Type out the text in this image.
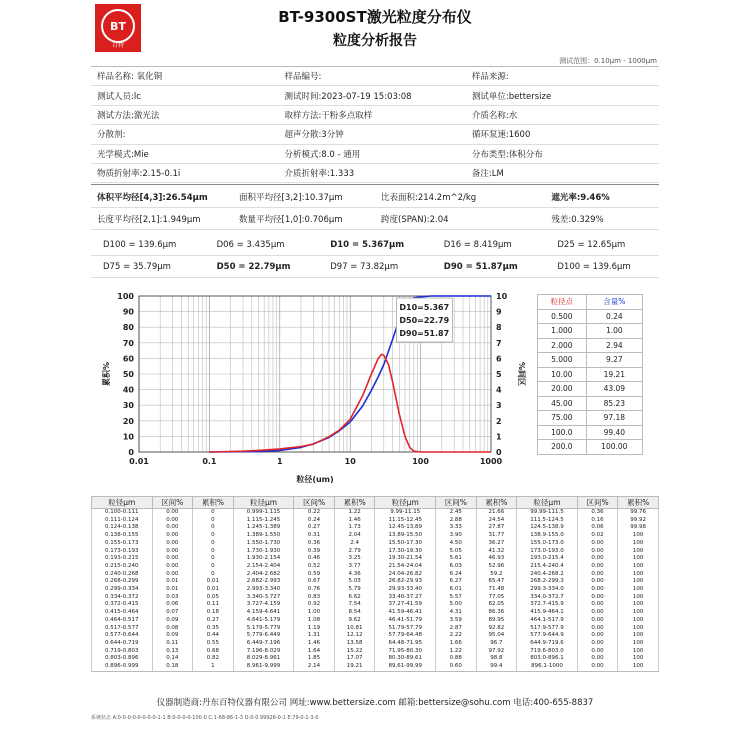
BT
百特
BT-9300ST激光粒度分布仪
粒度分析报告
测试范围：0.10μm - 1000μm
样品名称: 氧化铜	样品编号:	样品来源:
测试人员:lc	测试时间:2023-07-19 15:03:08	测试单位:bettersize
测试方法:激光法	取样方法:干粉多点取样	介质名称:水
分散剂:	超声分散:3分钟	循环泵速:1600
光学模式:Mie	分析模式:8.0 - 通用	分布类型:体积分布
物质折射率:2.15-0.1i	介质折射率:1.333	备注:LM
体积平均径[4,3]:26.54μm	面积平均径[3,2]:10.37μm	比表面积:214.2m^2/kg	遮光率:9.46%
长度平均径[2,1]:1.949μm	数量平均径[1,0]:0.706μm	跨度(SPAN):2.04	残差:0.329%
D100 = 139.6μm	D06 = 3.435μm	D10 = 5.367μm	D16 = 8.419μm	D25 = 12.65μm
D75 = 35.79μm	D50 = 22.79μm	D97 = 73.82μm	D90 = 51.87μm	D100 = 139.6μm
0
10
20
30
40
50
60
70
80
90
100
0
1
2
3
4
5
6
7
8
9
10
0.01	0.1	1	10	100	1000
粒径(um)
累积%	%间区
D10=5.367
D50=22.79
D90=51.87
粒径点	含量%
0.500	0.24
1.000	1.00
2.000	2.94
5.000	9.27
10.00	19.21
20.00	43.09
45.00	85.23
75.00	97.18
100.0	99.40
200.0	100.00
粒径μm	区间%	累积%	粒径μm	区间%	累积%	粒径μm	区间%	累积%	粒径μm	区间%	累积%
0.100-0.111	0.00	0	0.999-1.115	0.22	1.22	9.99-11.15	2.45	21.66	99.99-111.5	0.36	99.76
0.111-0.124	0.00	0	1.115-1.245	0.24	1.46	11.15-12.45	2.88	24.54	111.5-124.5	0.16	99.92
0.124-0.138	0.00	0	1.245-1.389	0.27	1.73	12.45-13.89	3.33	27.87	124.5-138.9	0.06	99.98
0.138-0.155	0.00	0	1.389-1.550	0.31	2.04	13.89-15.50	3.90	31.77	138.9-155.0	0.02	100
0.155-0.173	0.00	0	1.550-1.730	0.36	2.4	15.50-17.30	4.50	36.27	155.0-173.0	0.00	100
0.173-0.193	0.00	0	1.730-1.930	0.39	2.79	17.30-19.30	5.05	41.32	173.0-193.0	0.00	100
0.193-0.215	0.00	0	1.930-2.154	0.46	3.25	19.30-21.54	5.61	46.93	193.0-215.4	0.00	100
0.215-0.240	0.00	0	2.154-2.404	0.52	3.77	21.54-24.04	6.03	52.96	215.4-240.4	0.00	100
0.240-0.268	0.00	0	2.404-2.682	0.59	4.36	24.04-26.82	6.24	59.2	240.4-268.2	0.00	100
0.268-0.299	0.01	0.01	2.682-2.993	0.67	5.03	26.82-29.93	6.27	65.47	268.2-299.3	0.00	100
0.299-0.334	0.01	0.01	2.993-3.340	0.76	5.79	29.93-33.40	6.01	71.48	299.3-334.0	0.00	100
0.334-0.372	0.03	0.05	3.340-3.727	0.83	6.62	33.40-37.27	5.57	77.05	334.0-372.7	0.00	100
0.372-0.415	0.06	0.11	3.727-4.159	0.92	7.54	37.27-41.59	5.00	82.05	372.7-415.9	0.00	100
0.415-0.464	0.07	0.18	4.159-4.641	1.00	8.54	41.59-46.41	4.31	86.36	415.9-464.1	0.00	100
0.464-0.517	0.09	0.27	4.641-5.179	1.08	9.62	46.41-51.79	3.59	89.95	464.1-517.9	0.00	100
0.517-0.577	0.08	0.35	5.179-5.779	1.19	10.81	51.79-57.79	2.87	92.82	517.9-577.9	0.00	100
0.577-0.644	0.09	0.44	5.779-6.449	1.31	12.12	57.79-64.48	2.22	95.04	577.9-644.9	0.00	100
0.644-0.719	0.11	0.55	6.449-7.196	1.46	13.58	64.48-71.95	1.66	96.7	644.9-719.6	0.00	100
0.719-0.803	0.13	0.68	7.196-8.029	1.64	15.22	71.95-80.30	1.22	97.92	719.6-803.0	0.00	100
0.803-0.896	0.14	0.82	8.029-8.961	1.85	17.07	80.30-89.61	0.88	98.8	803.0-896.1	0.00	100
0.896-0.999	0.18	1	8.961-9.999	2.14	19.21	89.61-99.99	0.60	99.4	896.1-1000	0.00	100
仪器制造商:丹东百特仪器有限公司 网址:www.bettersize.com 邮箱:bettersize@sohu.com 电话:400-655-8837
系统状态 A:0-0-0-0-0-0-0-0-1-1 B:0-0-0-0-100-0 C:1-68-86-1-3 D:0-0.99926-0-1 E:79-0-1-3-0
